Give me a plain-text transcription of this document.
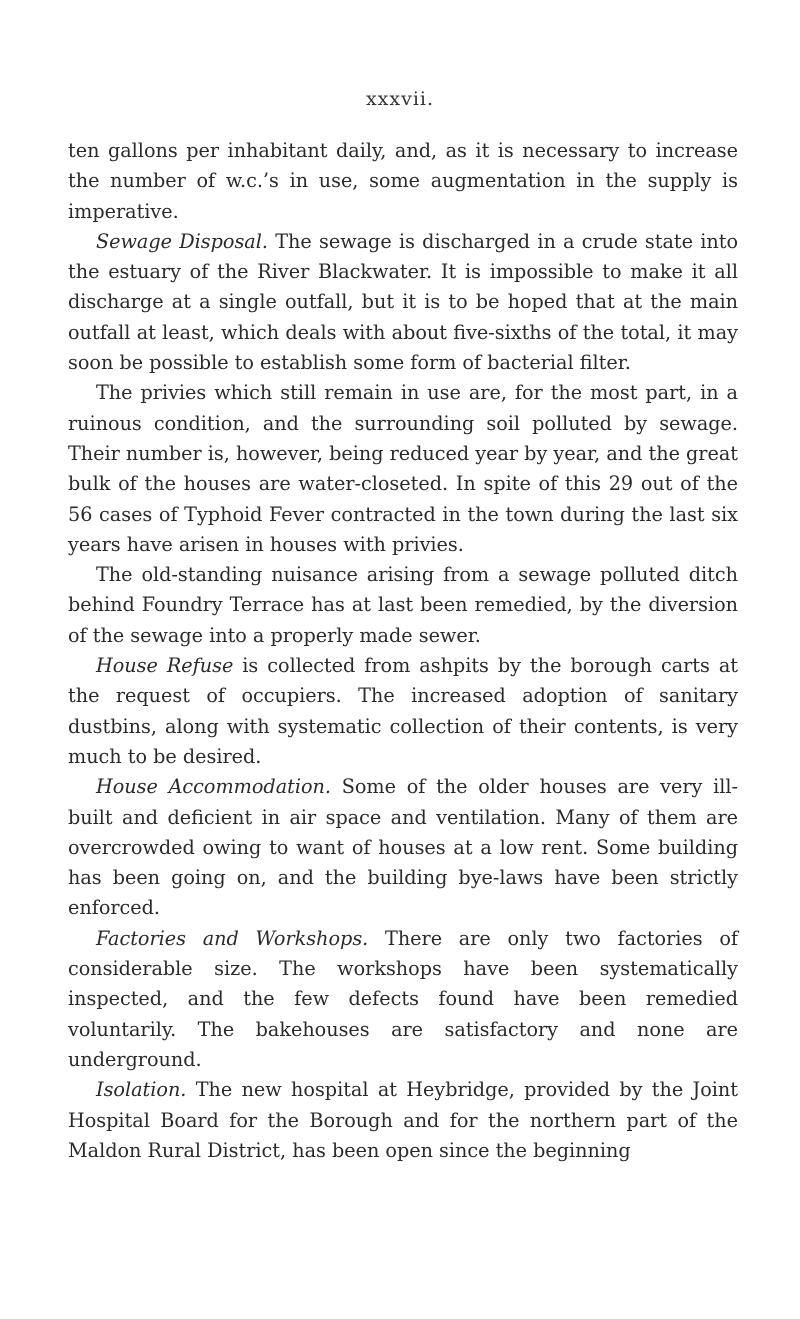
xxxvii.

ten gallons per inhabitant daily, and, as it is necessary to increase the number of w.c.’s in use, some augmentation in the supply is imperative.

Sewage Disposal. The sewage is discharged in a crude state into the estuary of the River Blackwater. It is impossible to make it all discharge at a single outfall, but it is to be hoped that at the main outfall at least, which deals with about five-sixths of the total, it may soon be possible to establish some form of bacterial filter.

The privies which still remain in use are, for the most part, in a ruinous condition, and the surrounding soil polluted by sewage. Their number is, however, being reduced year by year, and the great bulk of the houses are water-closeted. In spite of this 29 out of the 56 cases of Typhoid Fever contracted in the town during the last six years have arisen in houses with privies.

The old-standing nuisance arising from a sewage polluted ditch behind Foundry Terrace has at last been remedied, by the diversion of the sewage into a properly made sewer.

House Refuse is collected from ashpits by the borough carts at the request of occupiers. The increased adoption of sanitary dustbins, along with systematic collection of their contents, is very much to be desired.

House Accommodation. Some of the older houses are very ill-built and deficient in air space and ventilation. Many of them are overcrowded owing to want of houses at a low rent. Some building has been going on, and the building bye-laws have been strictly enforced.

Factories and Workshops. There are only two factories of considerable size. The workshops have been systematically inspected, and the few defects found have been remedied voluntarily. The bakehouses are satisfactory and none are underground.

Isolation. The new hospital at Heybridge, provided by the Joint Hospital Board for the Borough and for the northern part of the Maldon Rural District, has been open since the beginning
